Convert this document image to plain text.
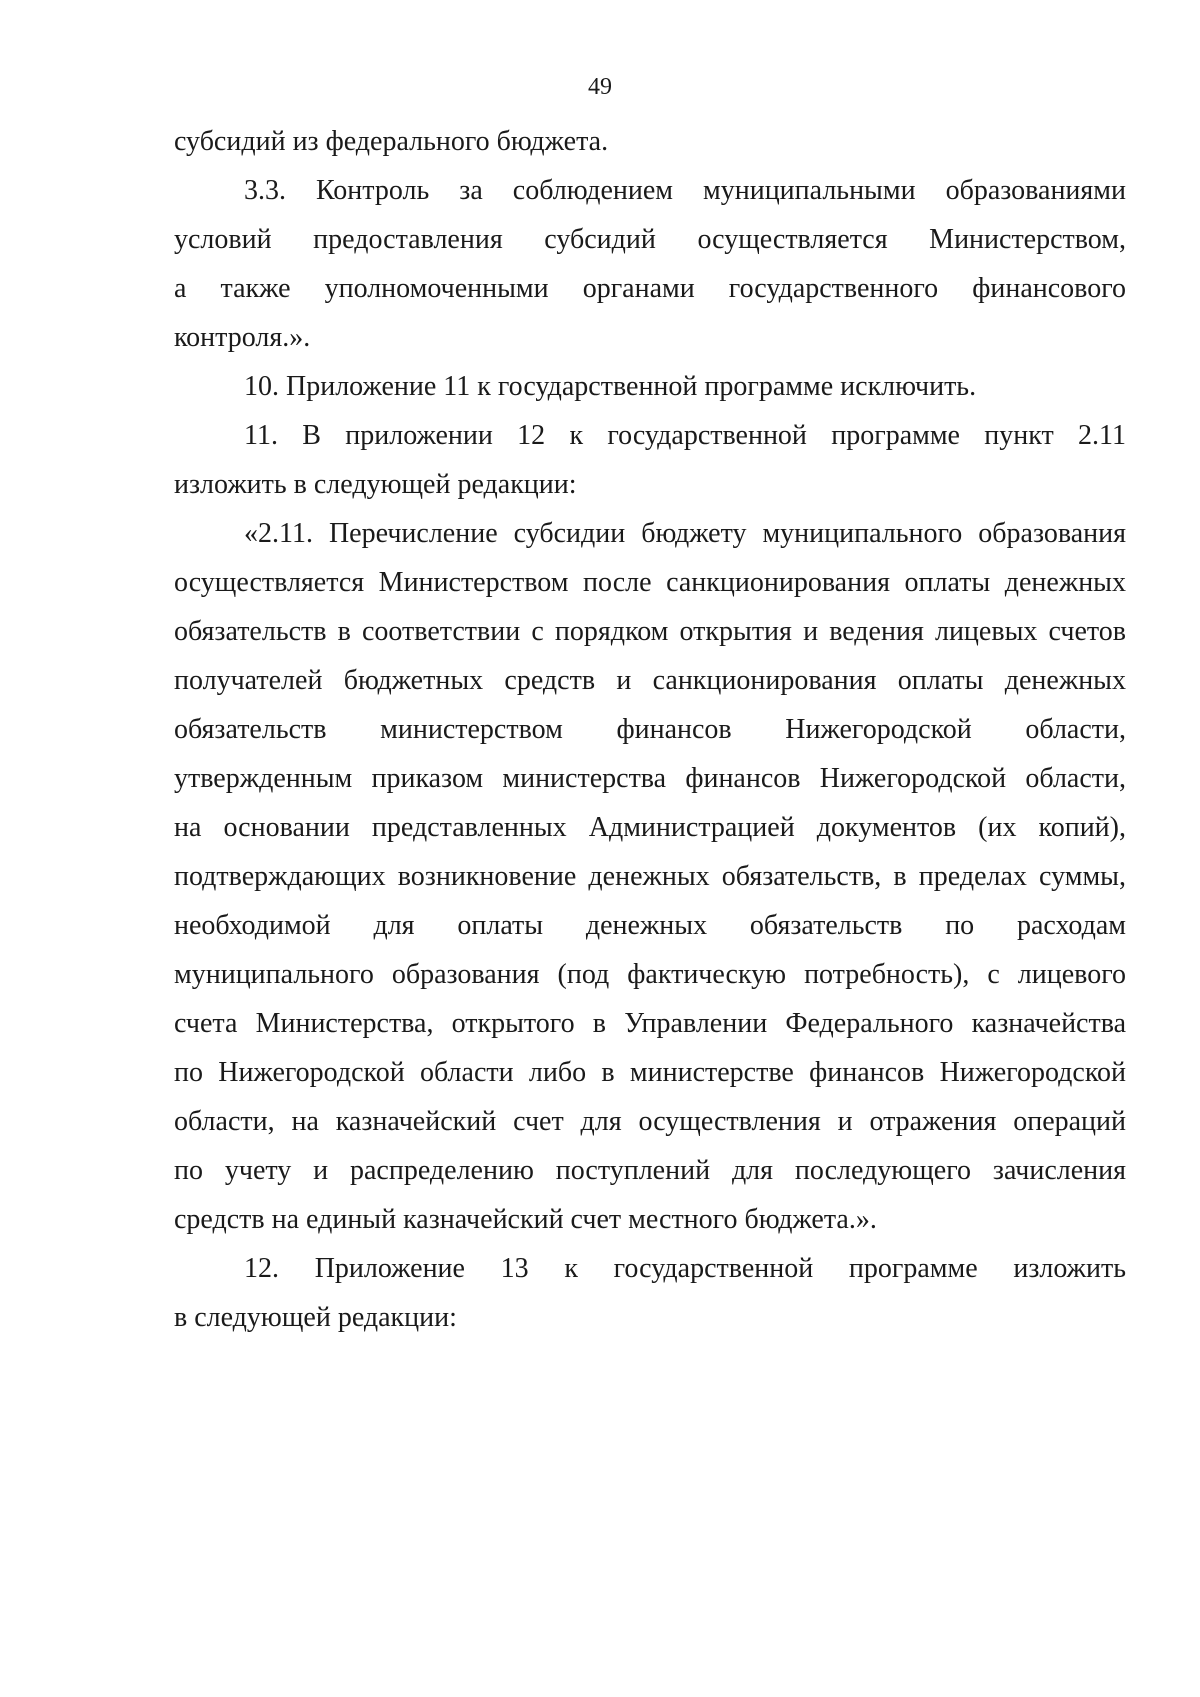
49
субсидий из федерального бюджета.
3.3. Контроль за соблюдением муниципальными образованиями
условий предоставления субсидий осуществляется Министерством,
а также уполномоченными органами государственного финансового
контроля.».
10. Приложение 11 к государственной программе исключить.
11. В приложении 12 к государственной программе пункт 2.11
изложить в следующей редакции:
«2.11. Перечисление субсидии бюджету муниципального образования
осуществляется Министерством после санкционирования оплаты денежных
обязательств в соответствии с порядком открытия и ведения лицевых счетов
получателей бюджетных средств и санкционирования оплаты денежных
обязательств министерством финансов Нижегородской области,
утвержденным приказом министерства финансов Нижегородской области,
на основании представленных Администрацией документов (их копий),
подтверждающих возникновение денежных обязательств, в пределах суммы,
необходимой для оплаты денежных обязательств по расходам
муниципального образования (под фактическую потребность), с лицевого
счета Министерства, открытого в Управлении Федерального казначейства
по Нижегородской области либо в министерстве финансов Нижегородской
области, на казначейский счет для осуществления и отражения операций
по учету и распределению поступлений для последующего зачисления
средств на единый казначейский счет местного бюджета.».
12. Приложение 13 к государственной программе изложить
в следующей редакции:
